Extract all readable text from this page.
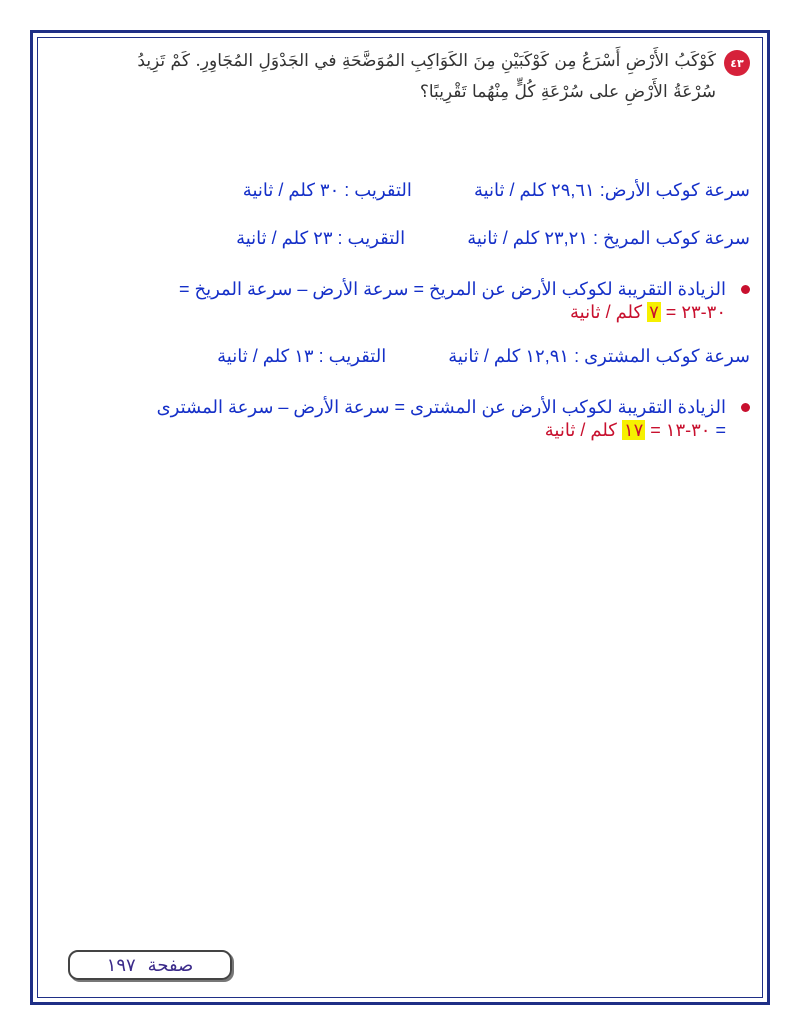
٤٣
كَوْكَبُ الأَرْضِ أَسْرَعُ مِن كَوْكَبَيْنِ مِنَ الكَوَاكِبِ المُوَضَّحَةِ في الجَدْوَلِ المُجَاوِرِ. كَمْ تَزِيدُ سُرْعَةُ الأَرْضِ على سُرْعَةِ كُلٍّ مِنْهُما تَقْرِيبًا؟
سرعة كوكب الأرض: ٢٩,٦١ كلم / ثانية  التقريب : ٣٠ كلم / ثانية
سرعة كوكب المريخ : ٢٣,٢١ كلم / ثانية  التقريب : ٢٣ كلم / ثانية
الزيادة التقريبة لكوكب الأرض عن المريخ = سرعة الأرض – سرعة المريخ =
٣٠-٢٣ = ٧ كلم / ثانية
سرعة كوكب المشترى : ١٢,٩١ كلم / ثانية  التقريب : ١٣ كلم / ثانية
الزيادة التقريبة لكوكب الأرض عن المشترى = سرعة الأرض – سرعة المشترى = ٣٠-١٣ = ١٧ كلم / ثانية
صفحة
١٩٧
